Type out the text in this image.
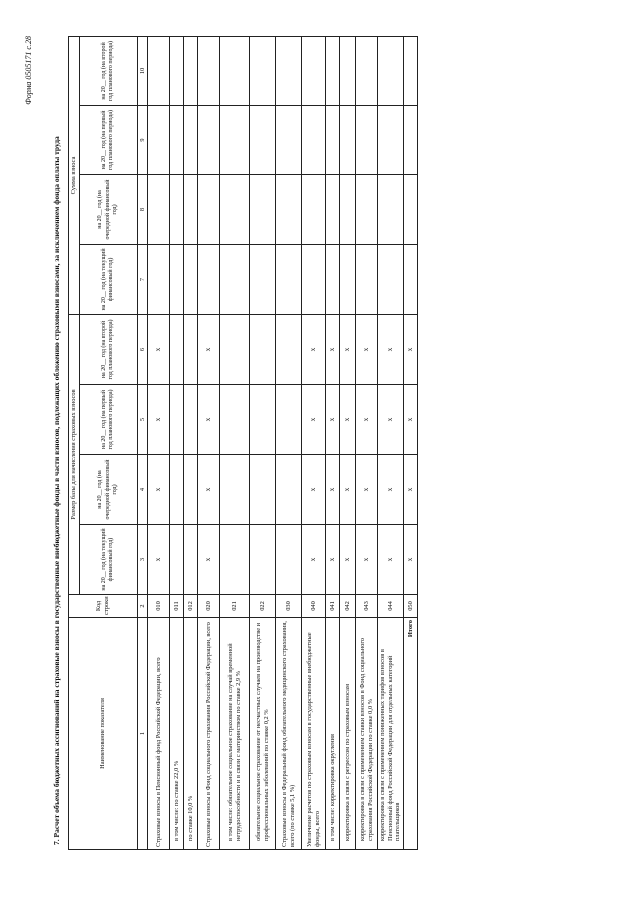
Форма 0505171 с.28
7. Расчет объема бюджетных ассигнований на страховые взносы в государственные внебюджетные фонды в части взносов, подлежащих обложению страховыми взносами, за исключением фонда оплаты труда	Наименование показателя	Код строки	Размер базы для начисления страховых взносов				Сумма взноса			
		на 20__ год (на текущий финансовый год)	на 20__ год (на очередной финансовый год)	на 20__ год (на первый год планового периода)	на 20__ год (на второй год планового периода)	на 20__ год (на текущий финансовый год)	на 20__ год (на очередной финансовый год)	на 20__ год (на первый год планового периода)	на 20__ год (на второй год планового периода)
1	2	3	4	5	6	7	8	9	10
Страховые взносы в Пенсионный фонд Российской Федерации, всего	010	x	x	x	x				
в том числе: по ставке 22,0 %	011								
по ставке 10,0 %	012								
Страховые взносы в Фонд социального страхования Российской Федерации, всего	020	x	x	x	x				
в том числе: обязательное социальное страхование на случай временной нетрудоспособности и в связи с материнством по ставке 2,9 %	021								
обязательное социальное страхование от несчастных случаев на производстве и профессиональных заболеваний по ставке 0,2 %	022								
Страховые взносы в Федеральный фонд обязательного медицинского страхования, всего (по ставке 5,1 %)	030								
Увеличение расчетов по страховым взносам в государственные внебюджетные фонды, всего	040	x	x	x	x				
в том числе: корректировка округления	041	x	x	x	x				
корректировка в связи с регрессом по страховым взносам	042	x	x	x	x				
корректировка в связи с применением ставки взносов в Фонд социального страхования Российской Федерации по ставке 0,0 %	043	x	x	x	x				
корректировка в связи с применением пониженных тарифов взносов в Пенсионный фонд Российской Федерации для отдельных категорий плательщиков	044	x	x	x	x				
Итого	050	x	x	x	x				
